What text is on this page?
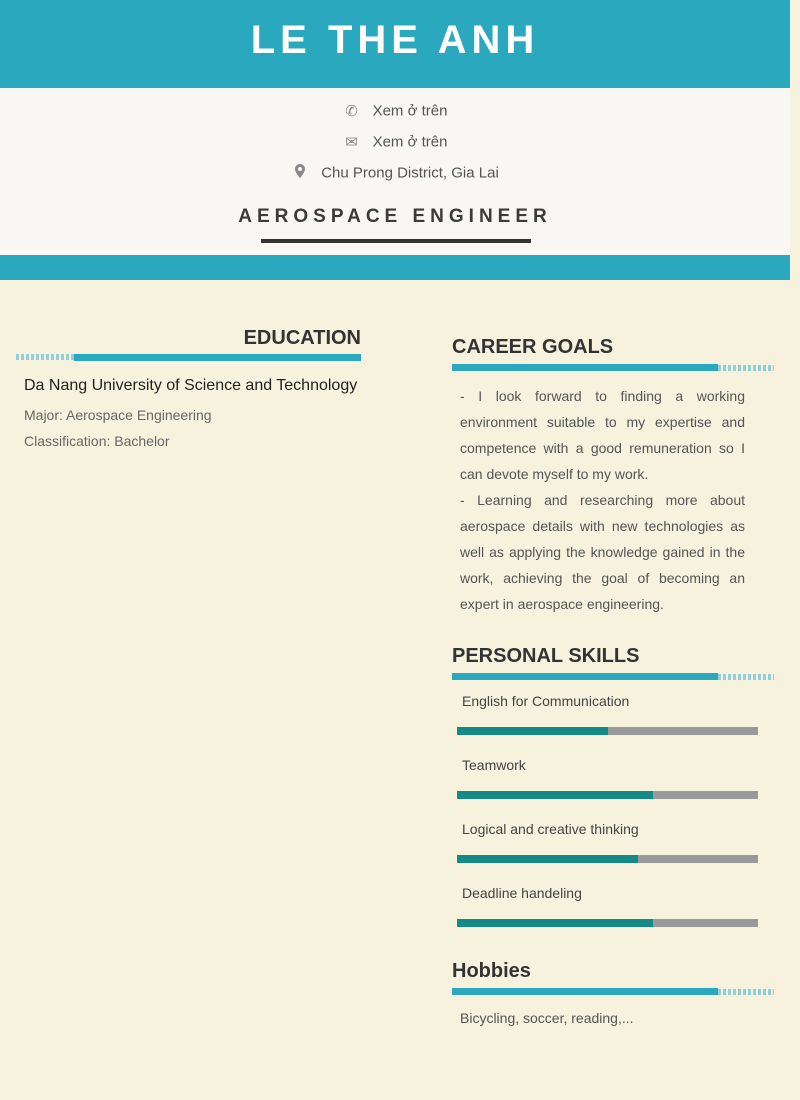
LE THE ANH
✆ Xem ở trên
✉ Xem ở trên
Chu Prong District, Gia Lai
AEROSPACE ENGINEER
EDUCATION
Da Nang University of Science and Technology
Major: Aerospace Engineering
Classification: Bachelor
CAREER GOALS

- I look forward to finding a working environment suitable to my expertise and competence with a good remuneration so I can devote myself to my work.

- Learning and researching more about aerospace details with new technologies as well as applying the knowledge gained in the work, achieving the goal of becoming an expert in aerospace engineering.

PERSONAL SKILLS
English for Communication
Teamwork
Logical and creative thinking
Deadline handeling
Hobbies
Bicycling, soccer, reading,...
